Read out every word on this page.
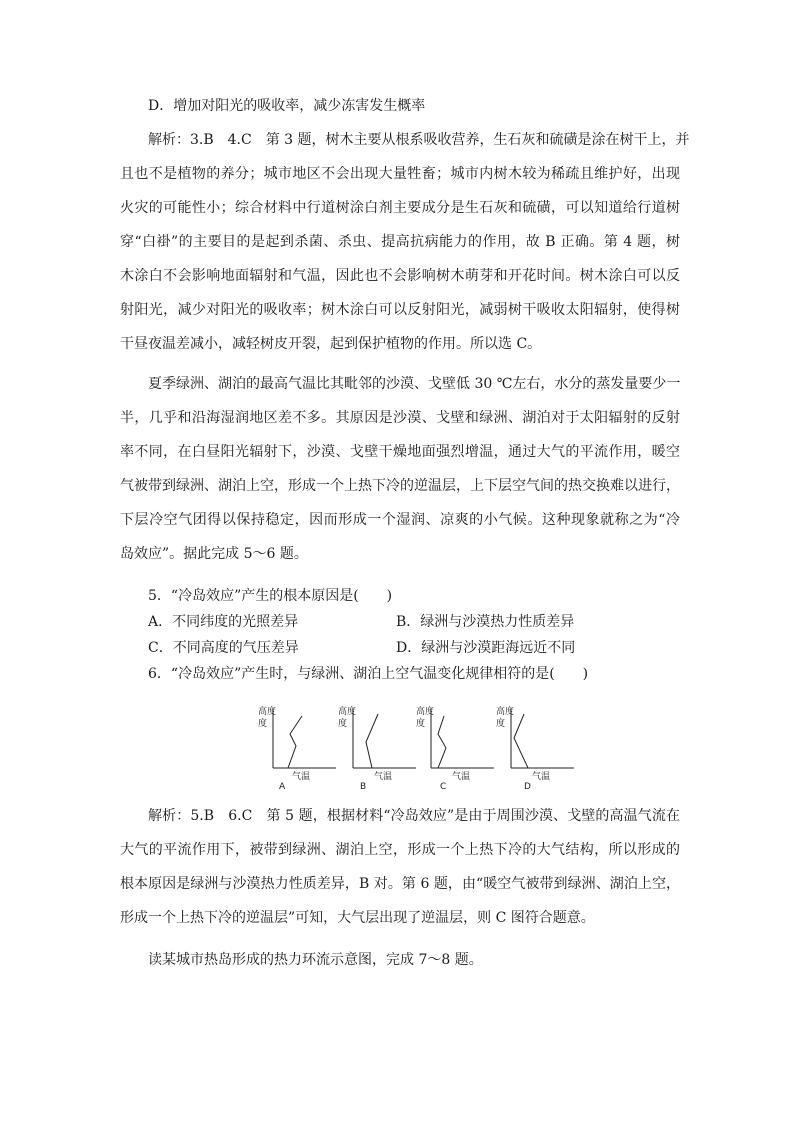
D．增加对阳光的吸收率，减少冻害发生概率
解析：3.B　4.C　第 3 题，树木主要从根系吸收营养，生石灰和硫磺是涂在树干上，并
且也不是植物的养分；城市地区不会出现大量牲畜；城市内树木较为稀疏且维护好，出现
火灾的可能性小；综合材料中行道树涂白剂主要成分是生石灰和硫磺，可以知道给行道树
穿“白褂”的主要目的是起到杀菌、杀虫、提高抗病能力的作用，故 B 正确。第 4 题，树
木涂白不会影响地面辐射和气温，因此也不会影响树木萌芽和开花时间。树木涂白可以反
射阳光，减少对阳光的吸收率；树木涂白可以反射阳光，减弱树干吸收太阳辐射，使得树
干昼夜温差减小，减轻树皮开裂，起到保护植物的作用。所以选 C。
夏季绿洲、湖泊的最高气温比其毗邻的沙漠、戈壁低 30 ℃左右，水分的蒸发量要少一
半，几乎和沿海湿润地区差不多。其原因是沙漠、戈壁和绿洲、湖泊对于太阳辐射的反射
率不同，在白昼阳光辐射下，沙漠、戈壁干燥地面强烈增温，通过大气的平流作用，暖空
气被带到绿洲、湖泊上空，形成一个上热下冷的逆温层，上下层空气间的热交换难以进行，
下层冷空气团得以保持稳定，因而形成一个湿润、凉爽的小气候。这种现象就称之为“冷
岛效应”。据此完成 5～6 题。
5．“冷岛效应”产生的根本原因是(　　)
A．不同纬度的光照差异	B．绿洲与沙漠热力性质差异
C．不同高度的气压差异	D．绿洲与沙漠距海远近不同
6．“冷岛效应”产生时，与绿洲、湖泊上空气温变化规律相符的是(　　)
高度
度
气温
A
高度
度
气温
B
高度
度
气温
C
高度
度
气温
D
解析：5.B　6.C　第 5 题，根据材料“冷岛效应”是由于周围沙漠、戈壁的高温气流在
大气的平流作用下，被带到绿洲、湖泊上空，形成一个上热下冷的大气结构，所以形成的
根本原因是绿洲与沙漠热力性质差异，B 对。第 6 题，由“暖空气被带到绿洲、湖泊上空，
形成一个上热下冷的逆温层”可知，大气层出现了逆温层，则 C 图符合题意。
读某城市热岛形成的热力环流示意图，完成 7～8 题。
